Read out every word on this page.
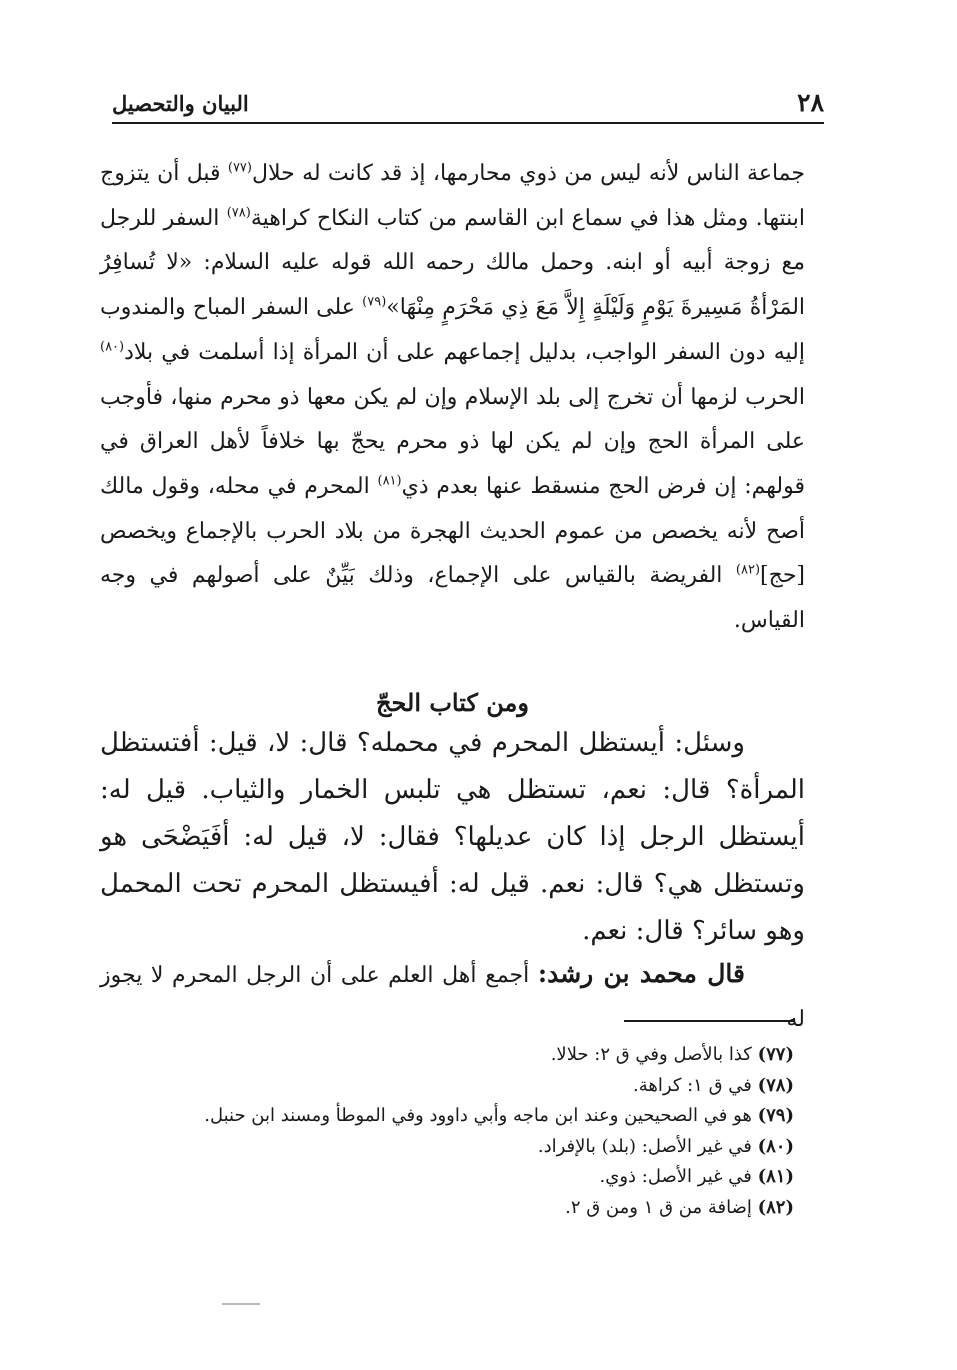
٢٨
البيان والتحصيل

جماعة الناس لأنه ليس من ذوي محارمها، إذ قد كانت له حلال$^{(٧٧)}$ قبل أن يتزوج ابنتها. ومثل هذا في سماع ابن القاسم من كتاب النكاح كراهية$^{(٧٨)}$ السفر للرجل مع زوجة أبيه أو ابنه. وحمل مالك رحمه الله قوله عليه السلام: «لا تُسافِرُ المَرْأةُ مَسِيرةَ يَوْمٍ وَلَيْلَةٍ إِلاَّ مَعَ ذِي مَحْرَمٍ مِنْهَا»$^{(٧٩)}$ على السفر المباح والمندوب إليه دون السفر الواجب، بدليل إجماعهم على أن المرأة إذا أسلمت في بلاد$^{(٨٠)}$ الحرب لزمها أن تخرج إلى بلد الإسلام وإن لم يكن معها ذو محرم منها، فأوجب على المرأة الحج وإن لم يكن لها ذو محرم يحجّ بها خلافاً لأهل العراق في قولهم: إن فرض الحج منسقط عنها بعدم ذي$^{(٨١)}$ المحرم في محله، وقول مالك أصح لأنه يخصص من عموم الحديث الهجرة من بلاد الحرب بالإجماع ويخصص [حج]$^{(٨٢)}$ الفريضة بالقياس على الإجماع، وذلك بَيِّنٌ على أصولهم في وجه القياس.

ومن كتاب الحجّ

وسئل: أيستظل المحرم في محمله؟ قال: لا، قيل: أفتستظل المرأة؟ قال: نعم، تستظل هي تلبس الخمار والثياب. قيل له: أيستظل الرجل إذا كان عديلها؟ فقال: لا، قيل له: أفَيَضْحَى هو وتستظل هي؟ قال: نعم. قيل له: أفيستظل المحرم تحت المحمل وهو سائر؟ قال: نعم.

قال محمد بن رشد: أجمع أهل العلم على أن الرجل المحرم لا يجوز له
(٧٧) كذا بالأصل وفي ق ٢: حلالا.
(٧٨) في ق ١: كراهة.
(٧٩) هو في الصحيحين وعند ابن ماجه وأبي داوود وفي الموطأ ومسند ابن حنبل.
(٨٠) في غير الأصل: (بلد) بالإفراد.
(٨١) في غير الأصل: ذوي.
(٨٢) إضافة من ق ١ ومن ق ٢.
